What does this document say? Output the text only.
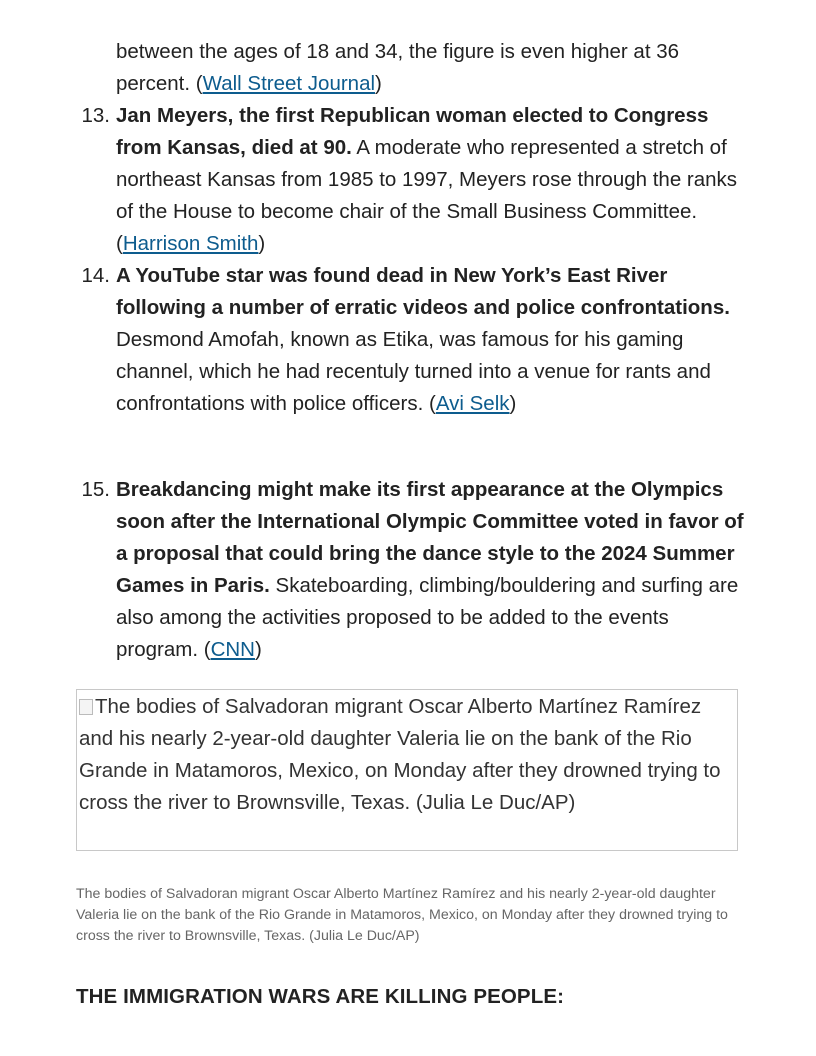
between the ages of 18 and 34, the figure is even higher at 36 percent. (Wall Street Journal)

13. Jan Meyers, the first Republican woman elected to Congress from Kansas, died at 90. A moderate who represented a stretch of northeast Kansas from 1985 to 1997, Meyers rose through the ranks of the House to become chair of the Small Business Committee. (Harrison Smith)
14. A YouTube star was found dead in New York’s East River following a number of erratic videos and police confrontations. Desmond Amofah, known as Etika, was famous for his gaming channel, which he had recentuly turned into a venue for rants and confrontations with police officers. (Avi Selk)
15. Breakdancing might make its first appearance at the Olympics soon after the International Olympic Committee voted in favor of a proposal that could bring the dance style to the 2024 Summer Games in Paris. Skateboarding, climbing/bouldering and surfing are also among the activities proposed to be added to the events program. (CNN)
The bodies of Salvadoran migrant Oscar Alberto Martínez Ramírez and his nearly 2-year-old daughter Valeria lie on the bank of the Rio Grande in Matamoros, Mexico, on Monday after they drowned trying to cross the river to Brownsville, Texas. (Julia Le Duc/AP)
The bodies of Salvadoran migrant Oscar Alberto Martínez Ramírez and his nearly 2-year-old daughter Valeria lie on the bank of the Rio Grande in Matamoros, Mexico, on Monday after they drowned trying to cross the river to Brownsville, Texas. (Julia Le Duc/AP)
THE IMMIGRATION WARS ARE KILLING PEOPLE:
